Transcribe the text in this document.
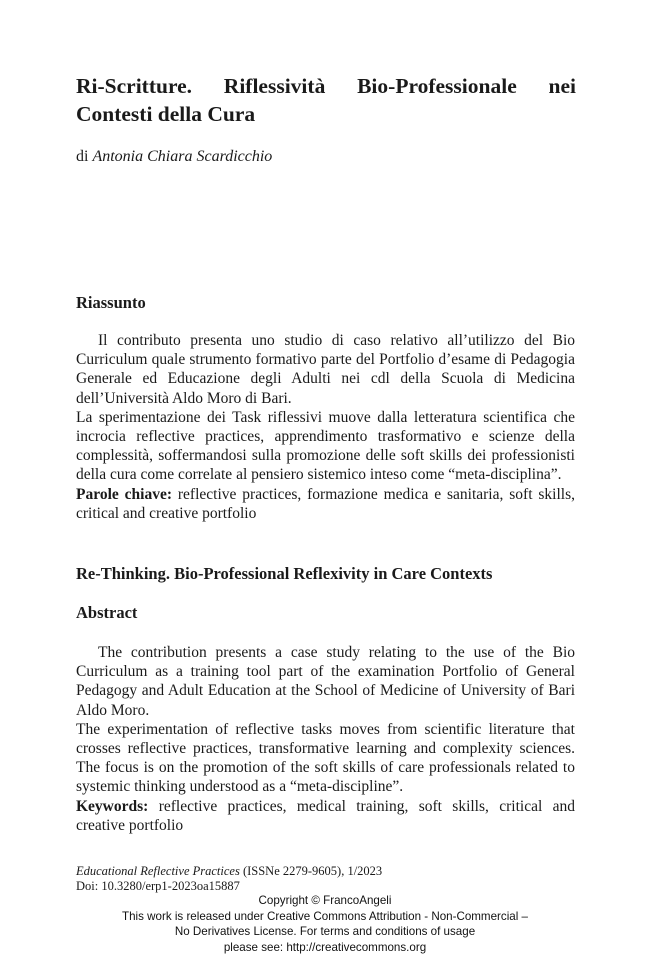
Ri-Scritture. Riflessività Bio-Professionale nei Contesti della Cura

di Antonia Chiara Scardicchio

Riassunto

Il contributo presenta uno studio di caso relativo all’utilizzo del Bio Curriculum quale strumento formativo parte del Portfolio d’esame di Pedagogia Generale ed Educazione degli Adulti nei cdl della Scuola di Medicina dell’Università Aldo Moro di Bari.

La sperimentazione dei Task riflessivi muove dalla letteratura scientifica che incrocia reflective practices, apprendimento trasformativo e scienze della complessità, soffermandosi sulla promozione delle soft skills dei professionisti della cura come correlate al pensiero sistemico inteso come “meta-disciplina”.

Parole chiave: reflective practices, formazione medica e sanitaria, soft skills, critical and creative portfolio

Re-Thinking. Bio-Professional Reflexivity in Care Contexts
Abstract

The contribution presents a case study relating to the use of the Bio Curriculum as a training tool part of the examination Portfolio of General Pedagogy and Adult Education at the School of Medicine of University of Bari Aldo Moro.

The experimentation of reflective tasks moves from scientific literature that crosses reflective practices, transformative learning and complexity sciences. The focus is on the promotion of the soft skills of care professionals related to systemic thinking understood as a “meta-discipline”.

Keywords: reflective practices, medical training, soft skills, critical and creative portfolio

Educational Reflective Practices (ISSNe 2279-9605), 1/2023

Doi: 10.3280/erp1-2023oa15887

Copyright © FrancoAngeli
This work is released under Creative Commons Attribution - Non-Commercial –
No Derivatives License. For terms and conditions of usage
please see: http://creativecommons.org
